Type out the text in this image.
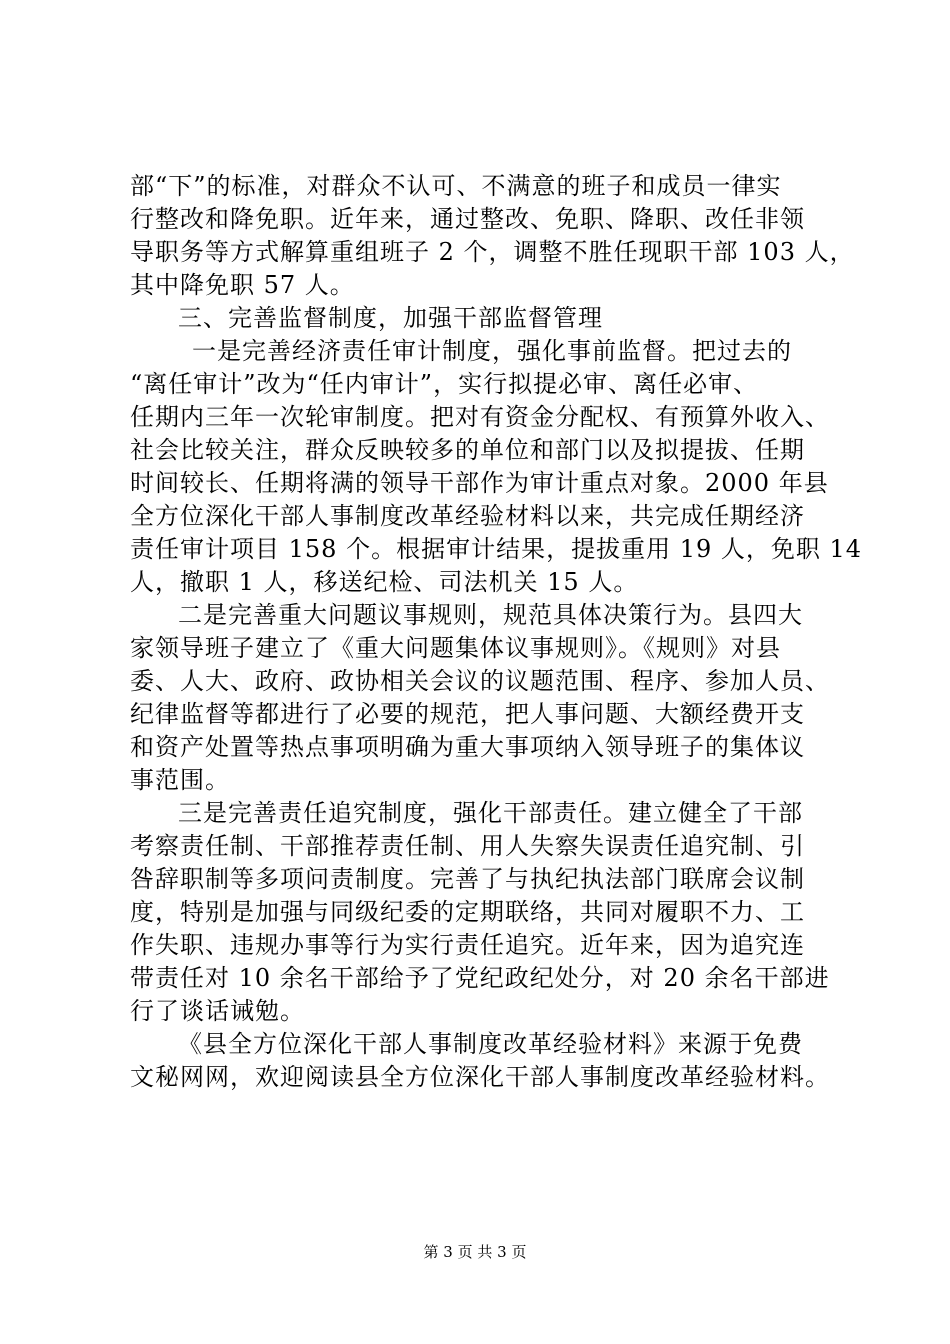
部“下”的标准，对群众不认可、不满意的班子和成员一律实
行整改和降免职。近年来，通过整改、免职、降职、改任非领
导职务等方式解算重组班子 2 个，调整不胜任现职干部 103 人，
其中降免职 57 人。
三、完善监督制度，加强干部监督管理
一是完善经济责任审计制度，强化事前监督。把过去的
“离任审计”改为“任内审计”，实行拟提必审、离任必审、
任期内三年一次轮审制度。把对有资金分配权、有预算外收入、
社会比较关注，群众反映较多的单位和部门以及拟提拔、任期
时间较长、任期将满的领导干部作为审计重点对象。2000 年县
全方位深化干部人事制度改革经验材料以来，共完成任期经济
责任审计项目 158 个。根据审计结果，提拔重用 19 人，免职 14
人，撤职 1 人，移送纪检、司法机关 15 人。
二是完善重大问题议事规则，规范具体决策行为。县四大
家领导班子建立了《重大问题集体议事规则》。《规则》对县
委、人大、政府、政协相关会议的议题范围、程序、参加人员、
纪律监督等都进行了必要的规范，把人事问题、大额经费开支
和资产处置等热点事项明确为重大事项纳入领导班子的集体议
事范围。
三是完善责任追究制度，强化干部责任。建立健全了干部
考察责任制、干部推荐责任制、用人失察失误责任追究制、引
咎辞职制等多项问责制度。完善了与执纪执法部门联席会议制
度，特别是加强与同级纪委的定期联络，共同对履职不力、工
作失职、违规办事等行为实行责任追究。近年来，因为追究连
带责任对 10 余名干部给予了党纪政纪处分，对 20 余名干部进
行了谈话诫勉。
《县全方位深化干部人事制度改革经验材料》来源于免费
文秘网网，欢迎阅读县全方位深化干部人事制度改革经验材料。
第 3 页 共 3 页
